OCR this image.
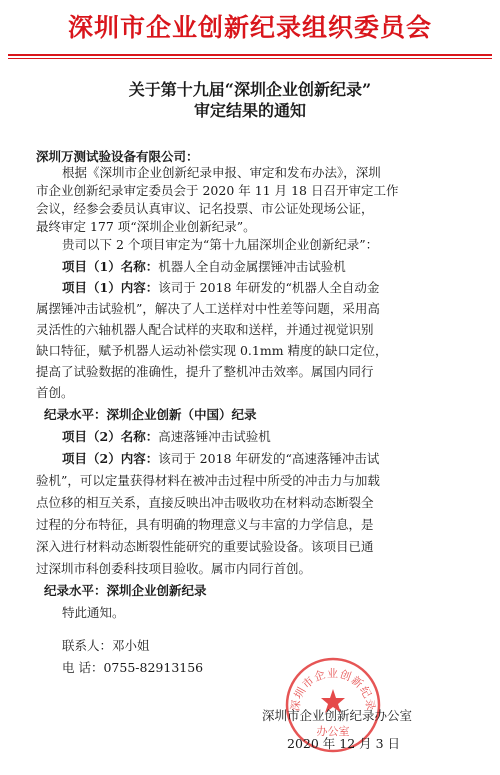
深圳市企业创新纪录组织委员会
关于第十九届“深圳企业创新纪录”
审定结果的通知
深圳万测试验设备有限公司：
根据《深圳市企业创新纪录申报、审定和发布办法》，深圳
市企业创新纪录审定委员会于 2020 年 11 月 18 日召开审定工作
会议，经参会委员认真审议、记名投票、市公证处现场公证，
最终审定 177 项“深圳企业创新纪录”。
贵司以下 2 个项目审定为“第十九届深圳企业创新纪录”：
项目（1）名称：机器人全自动金属摆锤冲击试验机
项目（1）内容：该司于 2018 年研发的“机器人全自动金
属摆锤冲击试验机”，解决了人工送样对中性差等问题，采用高
灵活性的六轴机器人配合试样的夹取和送样，并通过视觉识别
缺口特征，赋予机器人运动补偿实现 0.1mm 精度的缺口定位，
提高了试验数据的准确性，提升了整机冲击效率。属国内同行
首创。
纪录水平：深圳企业创新（中国）纪录
项目（2）名称：高速落锤冲击试验机
项目（2）内容：该司于 2018 年研发的“高速落锤冲击试
验机”，可以定量获得材料在被冲击过程中所受的冲击力与加载
点位移的相互关系，直接反映出冲击吸收功在材料动态断裂全
过程的分布特征，具有明确的物理意义与丰富的力学信息，是
深入进行材料动态断裂性能研究的重要试验设备。该项目已通
过深圳市科创委科技项目验收。属市内同行首创。
纪录水平：深圳企业创新纪录
特此通知。
联系人：邓小姐
电 话：0755-82913156
深圳市企业创新纪录
办公室
深圳市企业创新纪录办公室
2020 年 12 月 3 日
